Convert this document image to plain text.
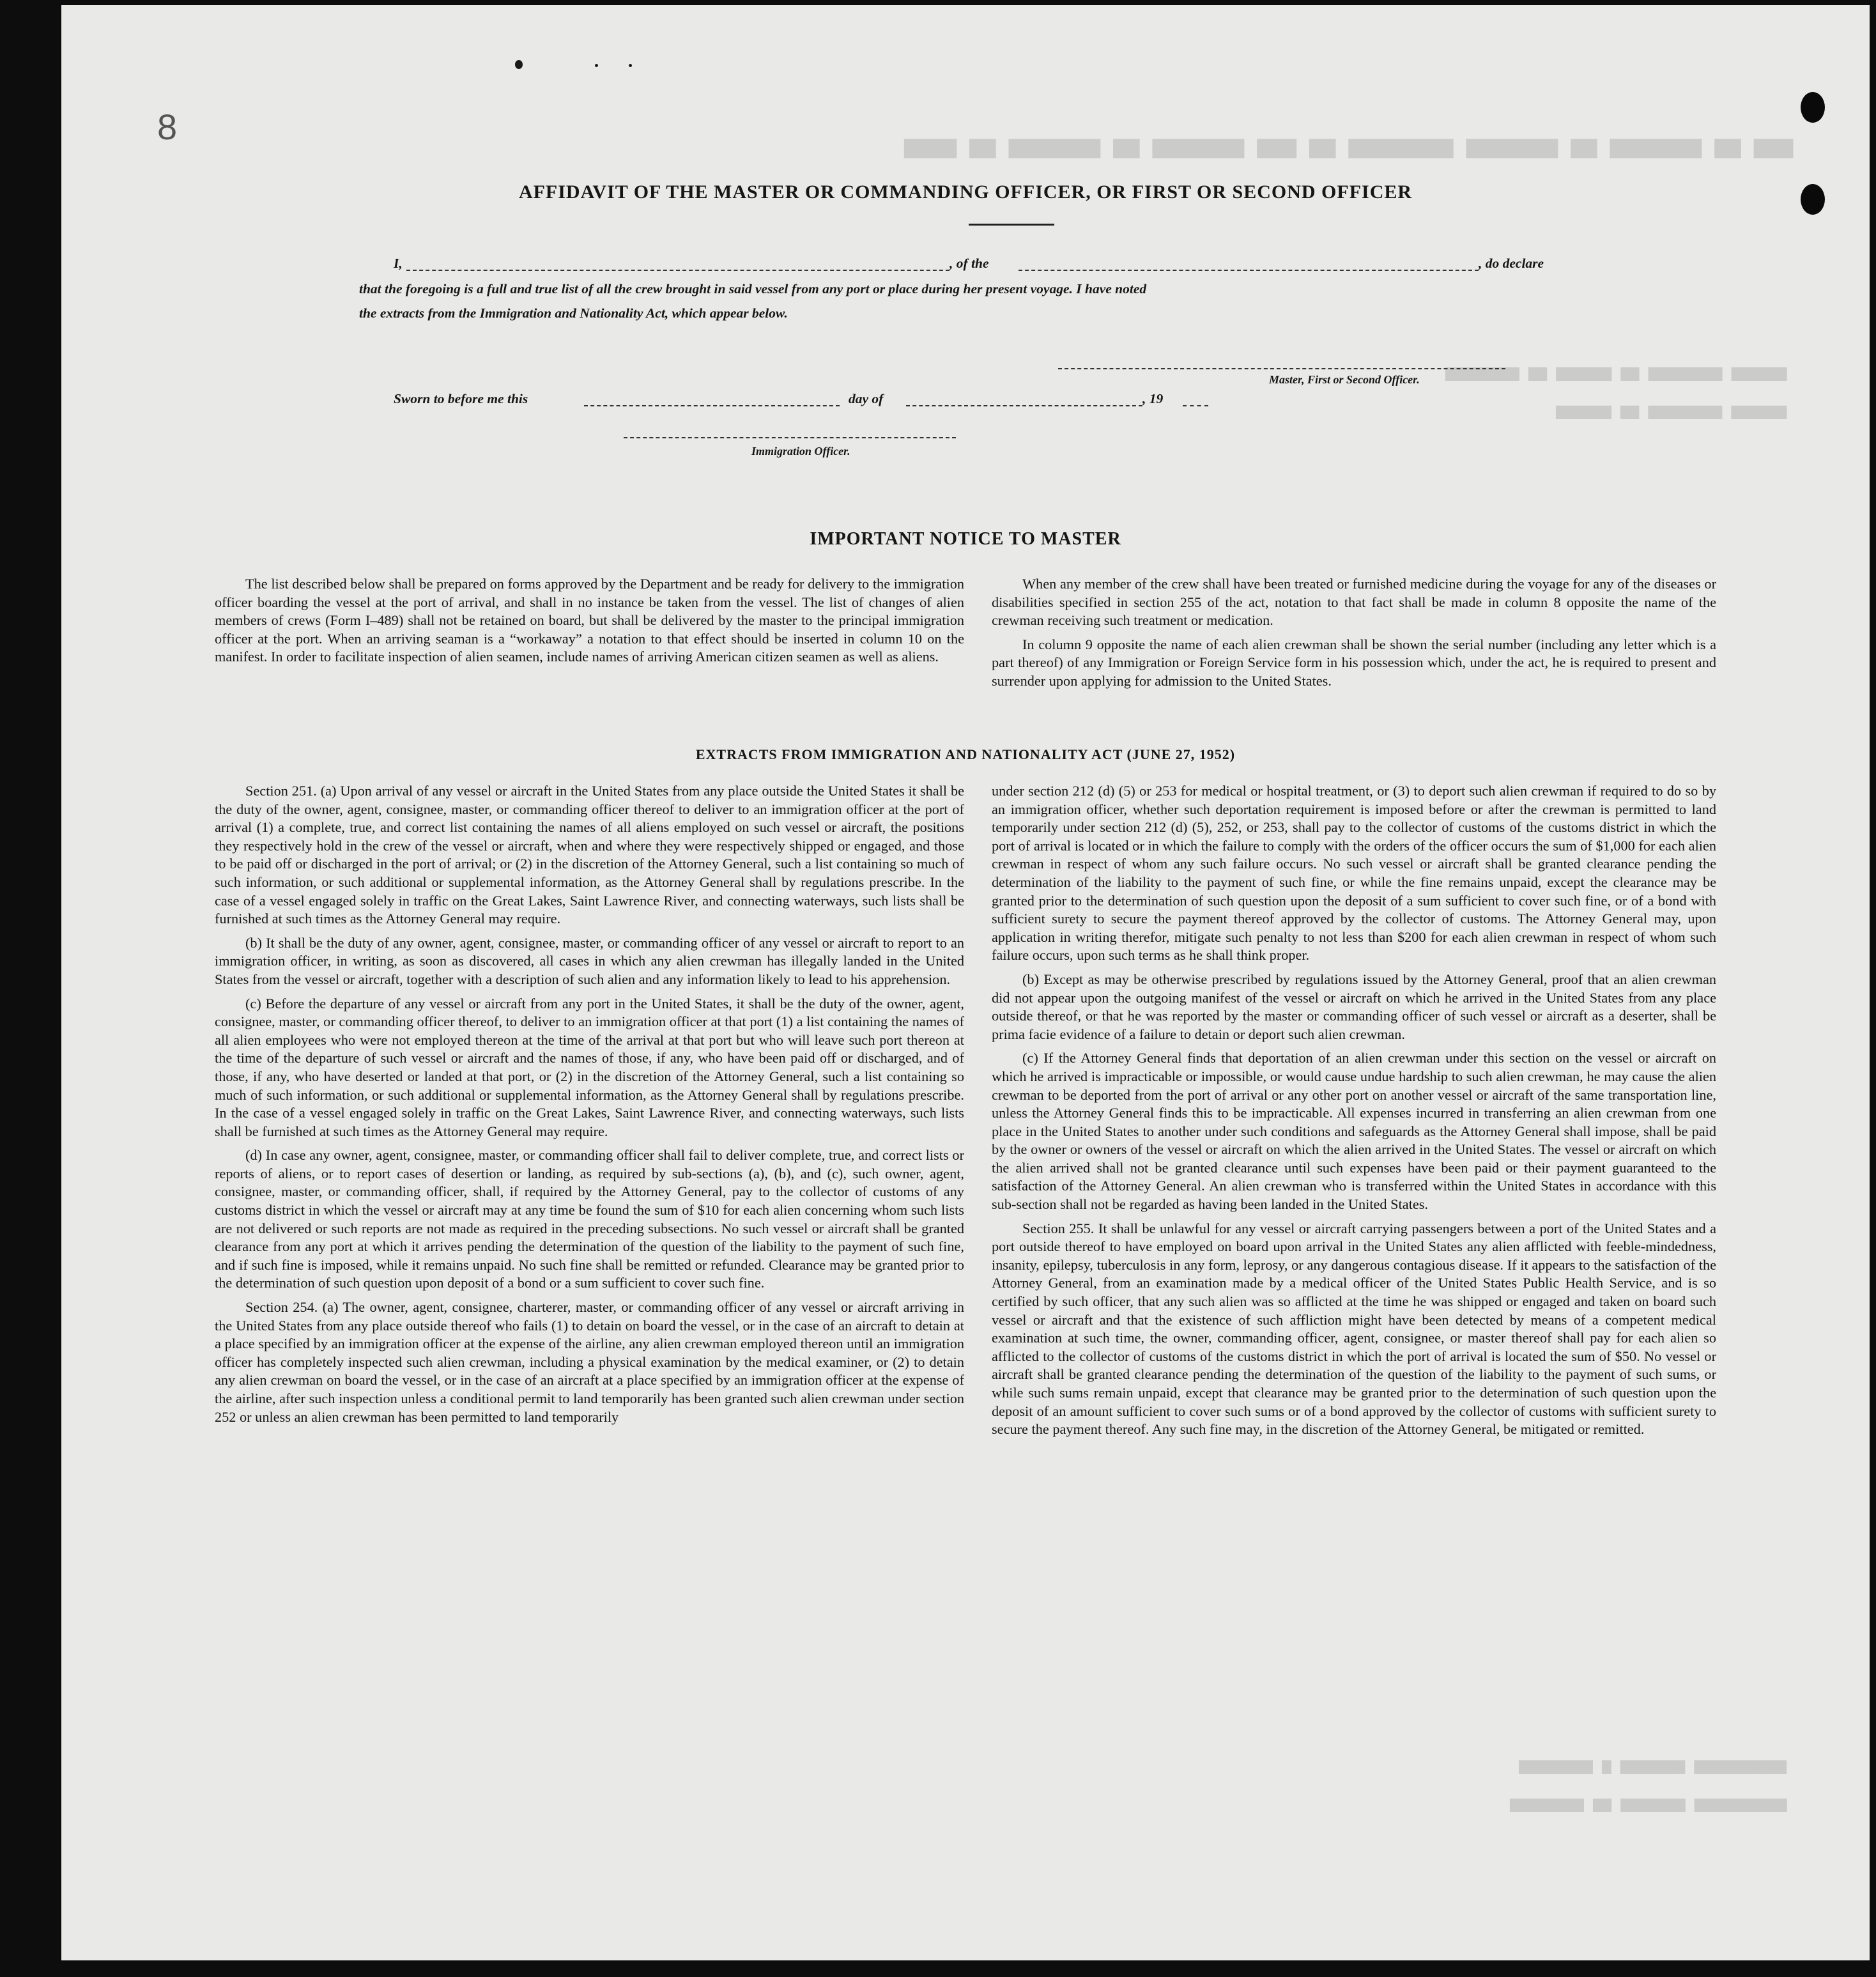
▆▆▆ ▆▆ ▆▆▆▆▆▆▆ ▆▆ ▆▆▆▆▆▆▆ ▆▆▆▆▆▆▆▆ ▆▆ ▆▆▆ ▆▆▆▆▆▆▆ ▆▆ ▆▆▆▆▆▆▆ ▆▆ ▆▆▆▆
▆▆▆▆▆▆ ▆▆▆▆▆▆▆▆ ▆▆ ▆▆▆▆▆▆ ▆▆ ▆▆▆▆▆▆▆▆
▆▆▆▆▆▆ ▆▆▆▆▆▆▆▆ ▆▆ ▆▆▆▆▆▆
▆▆▆▆▆▆▆▆▆▆ ▆▆▆▆▆▆▆ ▆ ▆▆▆▆▆▆▆▆
▆▆▆▆▆▆▆▆▆▆ ▆▆▆▆▆▆▆ ▆▆ ▆▆▆▆▆▆▆▆
8
AFFIDAVIT OF THE MASTER OR COMMANDING OFFICER, OR FIRST OR SECOND OFFICER
I,	, of the	, do declare
that the foregoing is a full and true list of all the crew brought in said vessel from any port or place during her present voyage. I have noted
the extracts from the Immigration and Nationality Act, which appear below.
Master, First or Second Officer.
Sworn to before me this	day of	, 19
Immigration Officer.
IMPORTANT NOTICE TO MASTER

The list described below shall be prepared on forms approved by the Department and be ready for delivery to the immigration officer boarding the vessel at the port of arrival, and shall in no instance be taken from the vessel. The list of changes of alien members of crews (Form I–489) shall not be retained on board, but shall be delivered by the master to the principal immigration officer at the port. When an arriving seaman is a “workaway” a notation to that effect should be inserted in column 10 on the manifest. In order to facilitate inspection of alien seamen, include names of arriving American citizen seamen as well as aliens.

When any member of the crew shall have been treated or furnished medicine during the voyage for any of the diseases or disabilities specified in section 255 of the act, notation to that fact shall be made in column 8 opposite the name of the crewman receiving such treatment or medication.

In column 9 opposite the name of each alien crewman shall be shown the serial number (including any letter which is a part thereof) of any Immigration or Foreign Service form in his possession which, under the act, he is required to present and surrender upon applying for admission to the United States.

EXTRACTS FROM IMMIGRATION AND NATIONALITY ACT (JUNE 27, 1952)

Section 251. (a) Upon arrival of any vessel or aircraft in the United States from any place outside the United States it shall be the duty of the owner, agent, consignee, master, or commanding officer thereof to deliver to an immigration officer at the port of arrival (1) a complete, true, and correct list containing the names of all aliens employed on such vessel or aircraft, the positions they respectively hold in the crew of the vessel or aircraft, when and where they were respectively shipped or engaged, and those to be paid off or discharged in the port of arrival; or (2) in the discretion of the Attorney General, such a list containing so much of such information, or such additional or supplemental information, as the Attorney General shall by regulations prescribe. In the case of a vessel engaged solely in traffic on the Great Lakes, Saint Lawrence River, and connecting waterways, such lists shall be furnished at such times as the Attorney General may require.

(b) It shall be the duty of any owner, agent, consignee, master, or commanding officer of any vessel or aircraft to report to an immigration officer, in writing, as soon as discovered, all cases in which any alien crewman has illegally landed in the United States from the vessel or aircraft, together with a description of such alien and any information likely to lead to his apprehension.

(c) Before the departure of any vessel or aircraft from any port in the United States, it shall be the duty of the owner, agent, consignee, master, or commanding officer thereof, to deliver to an immigration officer at that port (1) a list containing the names of all alien employees who were not employed thereon at the time of the arrival at that port but who will leave such port thereon at the time of the departure of such vessel or aircraft and the names of those, if any, who have been paid off or discharged, and of those, if any, who have deserted or landed at that port, or (2) in the discretion of the Attorney General, such a list containing so much of such information, or such additional or supplemental information, as the Attorney General shall by regulations prescribe. In the case of a vessel engaged solely in traffic on the Great Lakes, Saint Lawrence River, and connecting waterways, such lists shall be furnished at such times as the Attorney General may require.

(d) In case any owner, agent, consignee, master, or commanding officer shall fail to deliver complete, true, and correct lists or reports of aliens, or to report cases of desertion or landing, as required by sub-sections (a), (b), and (c), such owner, agent, consignee, master, or commanding officer, shall, if required by the Attorney General, pay to the collector of customs of any customs district in which the vessel or aircraft may at any time be found the sum of $10 for each alien concerning whom such lists are not delivered or such reports are not made as required in the preceding subsections. No such vessel or aircraft shall be granted clearance from any port at which it arrives pending the determination of the question of the liability to the payment of such fine, and if such fine is imposed, while it remains unpaid. No such fine shall be remitted or refunded. Clearance may be granted prior to the determination of such question upon deposit of a bond or a sum sufficient to cover such fine.

Section 254. (a) The owner, agent, consignee, charterer, master, or commanding officer of any vessel or aircraft arriving in the United States from any place outside thereof who fails (1) to detain on board the vessel, or in the case of an aircraft to detain at a place specified by an immigration officer at the expense of the airline, any alien crewman employed thereon until an immigration officer has completely inspected such alien crewman, including a physical examination by the medical examiner, or (2) to detain any alien crewman on board the vessel, or in the case of an aircraft at a place specified by an immigration officer at the expense of the airline, after such inspection unless a conditional permit to land temporarily has been granted such alien crewman under section 252 or unless an alien crewman has been permitted to land temporarily

under section 212 (d) (5) or 253 for medical or hospital treatment, or (3) to deport such alien crewman if required to do so by an immigration officer, whether such deportation requirement is imposed before or after the crewman is permitted to land temporarily under section 212 (d) (5), 252, or 253, shall pay to the collector of customs of the customs district in which the port of arrival is located or in which the failure to comply with the orders of the officer occurs the sum of $1,000 for each alien crewman in respect of whom any such failure occurs. No such vessel or aircraft shall be granted clearance pending the determination of the liability to the payment of such fine, or while the fine remains unpaid, except the clearance may be granted prior to the determination of such question upon the deposit of a sum sufficient to cover such fine, or of a bond with sufficient surety to secure the payment thereof approved by the collector of customs. The Attorney General may, upon application in writing therefor, mitigate such penalty to not less than $200 for each alien crewman in respect of whom such failure occurs, upon such terms as he shall think proper.

(b) Except as may be otherwise prescribed by regulations issued by the Attorney General, proof that an alien crewman did not appear upon the outgoing manifest of the vessel or aircraft on which he arrived in the United States from any place outside thereof, or that he was reported by the master or commanding officer of such vessel or aircraft as a deserter, shall be prima facie evidence of a failure to detain or deport such alien crewman.

(c) If the Attorney General finds that deportation of an alien crewman under this section on the vessel or aircraft on which he arrived is impracticable or impossible, or would cause undue hardship to such alien crewman, he may cause the alien crewman to be deported from the port of arrival or any other port on another vessel or aircraft of the same transportation line, unless the Attorney General finds this to be impracticable. All expenses incurred in transferring an alien crewman from one place in the United States to another under such conditions and safeguards as the Attorney General shall impose, shall be paid by the owner or owners of the vessel or aircraft on which the alien arrived in the United States. The vessel or aircraft on which the alien arrived shall not be granted clearance until such expenses have been paid or their payment guaranteed to the satisfaction of the Attorney General. An alien crewman who is transferred within the United States in accordance with this sub-section shall not be regarded as having been landed in the United States.

Section 255. It shall be unlawful for any vessel or aircraft carrying passengers between a port of the United States and a port outside thereof to have employed on board upon arrival in the United States any alien afflicted with feeble-mindedness, insanity, epilepsy, tuberculosis in any form, leprosy, or any dangerous contagious disease. If it appears to the satisfaction of the Attorney General, from an examination made by a medical officer of the United States Public Health Service, and is so certified by such officer, that any such alien was so afflicted at the time he was shipped or engaged and taken on board such vessel or aircraft and that the existence of such affliction might have been detected by means of a competent medical examination at such time, the owner, commanding officer, agent, consignee, or master thereof shall pay for each alien so afflicted to the collector of customs of the customs district in which the port of arrival is located the sum of $50. No vessel or aircraft shall be granted clearance pending the determination of the question of the liability to the payment of such sums, or while such sums remain unpaid, except that clearance may be granted prior to the determination of such question upon the deposit of an amount sufficient to cover such sums or of a bond approved by the collector of customs with sufficient surety to secure the payment thereof. Any such fine may, in the discretion of the Attorney General, be mitigated or remitted.
